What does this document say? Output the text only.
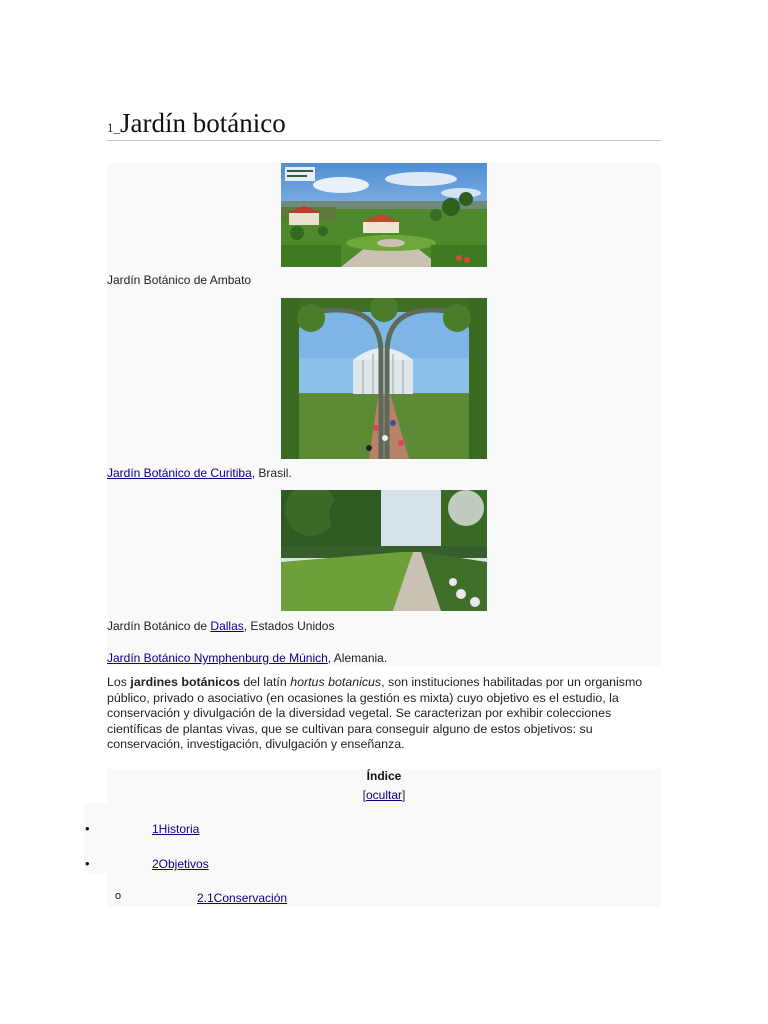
1_Jardín botánico
Jardín Botánico de Ambato
Jardín Botánico de Curitiba, Brasil.
Jardín Botánico de Dallas, Estados Unidos
Jardín Botánico Nymphenburg de Múnich, Alemania.
Los jardines botánicos del latín hortus botanicus, son instituciones habilitadas por un organismo público, privado o asociativo (en ocasiones la gestión es mixta) cuyo objetivo es el estudio, la conservación y divulgación de la diversidad vegetal. Se caracterizan por exhibir colecciones científicas de plantas vivas, que se cultivan para conseguir alguno de estos objetivos: su conservación, investigación, divulgación y enseñanza.
Índice
[ocultar]
•	1Historia
•	2Objetivos
o	2.1Conservación
